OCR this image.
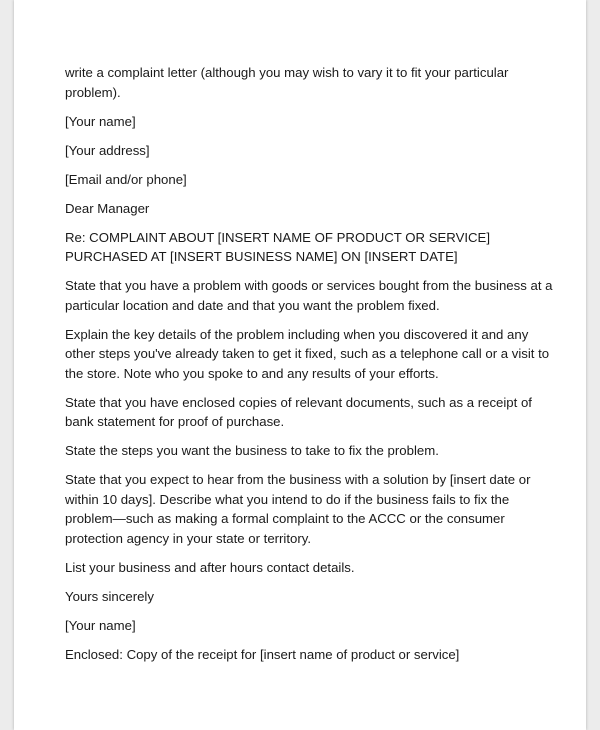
write a complaint letter (although you may wish to vary it to fit your particular problem).

[Your name]

[Your address]

[Email and/or phone]

Dear Manager

Re: COMPLAINT ABOUT [INSERT NAME OF PRODUCT OR SERVICE] PURCHASED AT [INSERT BUSINESS NAME] ON [INSERT DATE]

State that you have a problem with goods or services bought from the business at a particular location and date and that you want the problem fixed.

Explain the key details of the problem including when you discovered it and any other steps you've already taken to get it fixed, such as a telephone call or a visit to the store. Note who you spoke to and any results of your efforts.

State that you have enclosed copies of relevant documents, such as a receipt of bank statement for proof of purchase.

State the steps you want the business to take to fix the problem.

State that you expect to hear from the business with a solution by [insert date or within 10 days]. Describe what you intend to do if the business fails to fix the problem—such as making a formal complaint to the ACCC or the consumer protection agency in your state or territory.

List your business and after hours contact details.

Yours sincerely

[Your name]

Enclosed: Copy of the receipt for [insert name of product or service]
